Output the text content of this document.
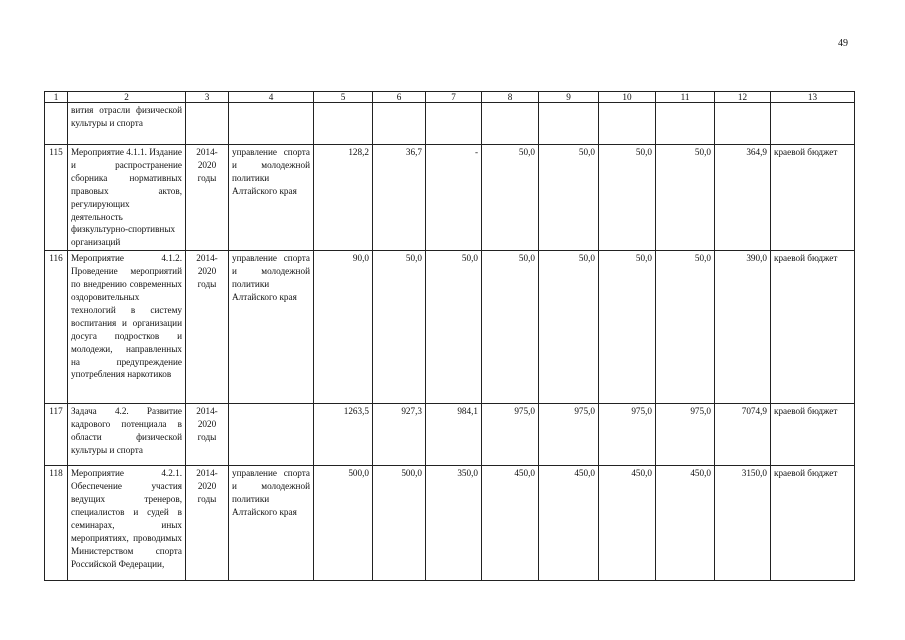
49
1	2	3	4	5	6	7	8	9	10	11	12	13
	вития отрасли физической культуры и спорта											
115	Мероприятие 4.1.1. Издание и распространение сборника нормативных правовых актов, регулирующих деятельность физкультурно-спортивных организаций	2014-2020 годы	управление спорта и молодежной политики Алтайского края	128,2	36,7	-	50,0	50,0	50,0	50,0	364,9	краевой бюджет
116	Мероприятие 4.1.2. Проведение мероприятий по внедрению современных оздоровительных технологий в систему воспитания и организации досуга подростков и молодежи, направленных на предупреждение употребления наркотиков	2014-2020 годы	управление спорта и молодежной политики Алтайского края	90,0	50,0	50,0	50,0	50,0	50,0	50,0	390,0	краевой бюджет
117	Задача 4.2. Развитие кадрового потенциала в области физической культуры и спорта	2014-2020 годы		1263,5	927,3	984,1	975,0	975,0	975,0	975,0	7074,9	краевой бюджет
118	Мероприятие 4.2.1. Обеспечение участия ведущих тренеров, специалистов и судей в семинарах, иных мероприятиях, проводимых Министерством спорта Российской Федерации,	2014-2020 годы	управление спорта и молодежной политики Алтайского края	500,0	500,0	350,0	450,0	450,0	450,0	450,0	3150,0	краевой бюджет
